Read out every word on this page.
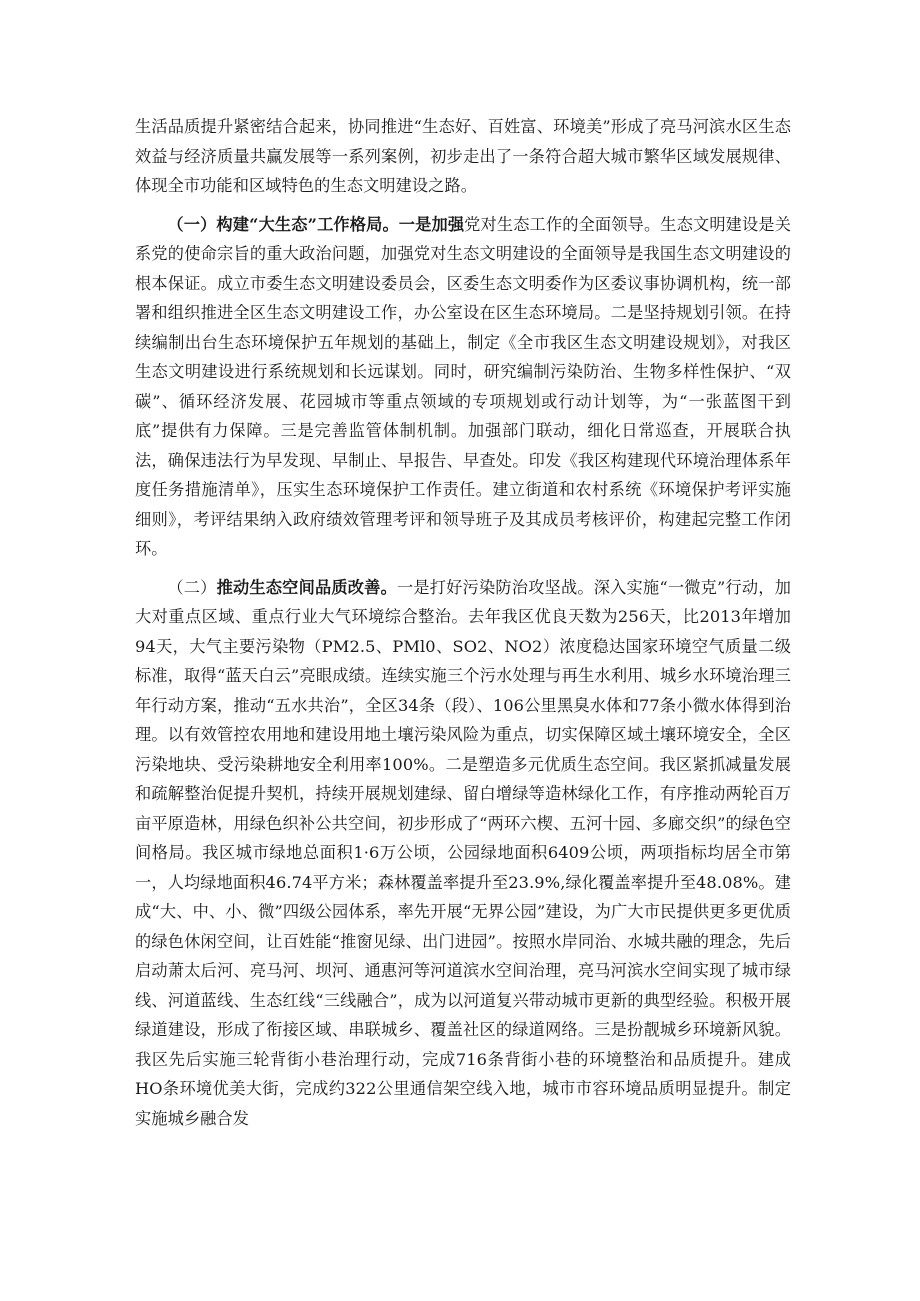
生活品质提升紧密结合起来，协同推进“生态好、百姓富、环境美”形成了亮马河滨水区生态效益与经济质量共赢发展等一系列案例，初步走出了一条符合超大城市繁华区域发展规律、体现全市功能和区域特色的生态文明建设之路。

（一）构建“大生态”工作格局。一是加强党对生态工作的全面领导。生态文明建设是关系党的使命宗旨的重大政治问题，加强党对生态文明建设的全面领导是我国生态文明建设的根本保证。成立市委生态文明建设委员会，区委生态文明委作为区委议事协调机构，统一部署和组织推进全区生态文明建设工作，办公室设在区生态环境局。二是坚持规划引领。在持续编制出台生态环境保护五年规划的基础上，制定《全市我区生态文明建设规划》，对我区生态文明建设进行系统规划和长远谋划。同时，研究编制污染防治、生物多样性保护、“双碳”、循环经济发展、花园城市等重点领域的专项规划或行动计划等，为“一张蓝图干到底”提供有力保障。三是完善监管体制机制。加强部门联动，细化日常巡查，开展联合执法，确保违法行为早发现、早制止、早报告、早查处。印发《我区构建现代环境治理体系年度任务措施清单》，压实生态环境保护工作责任。建立街道和农村系统《环境保护考评实施细则》，考评结果纳入政府绩效管理考评和领导班子及其成员考核评价，构建起完整工作闭环。

（二）推动生态空间品质改善。一是打好污染防治攻坚战。深入实施“一微克”行动，加大对重点区域、重点行业大气环境综合整治。去年我区优良天数为256天，比2013年增加94天，大气主要污染物（PM2.5、PMl0、SO2、NO2）浓度稳达国家环境空气质量二级标准，取得“蓝天白云”亮眼成绩。连续实施三个污水处理与再生水利用、城乡水环境治理三年行动方案，推动“五水共治”，全区34条（段）、106公里黑臭水体和77条小微水体得到治理。以有效管控农用地和建设用地土壤污染风险为重点，切实保障区域土壤环境安全，全区污染地块、受污染耕地安全利用率100%。二是塑造多元优质生态空间。我区紧抓减量发展和疏解整治促提升契机，持续开展规划建绿、留白增绿等造林绿化工作，有序推动两轮百万亩平原造林，用绿色织补公共空间，初步形成了“两环六楔、五河十园、多廊交织”的绿色空间格局。我区城市绿地总面积1·6万公顷，公园绿地面积6409公顷，两项指标均居全市第一，人均绿地面积46.74平方米；森林覆盖率提升至23.9%,绿化覆盖率提升至48.08%。建成“大、中、小、微”四级公园体系，率先开展“无界公园”建设，为广大市民提供更多更优质的绿色休闲空间，让百姓能“推窗见绿、出门进园”。按照水岸同治、水城共融的理念，先后启动萧太后河、亮马河、坝河、通惠河等河道滨水空间治理，亮马河滨水空间实现了城市绿线、河道蓝线、生态红线“三线融合”，成为以河道复兴带动城市更新的典型经验。积极开展绿道建设，形成了衔接区域、串联城乡、覆盖社区的绿道网络。三是扮靓城乡环境新风貌。我区先后实施三轮背街小巷治理行动，完成716条背街小巷的环境整治和品质提升。建成HO条环境优美大街，完成约322公里通信架空线入地，城市市容环境品质明显提升。制定实施城乡融合发
